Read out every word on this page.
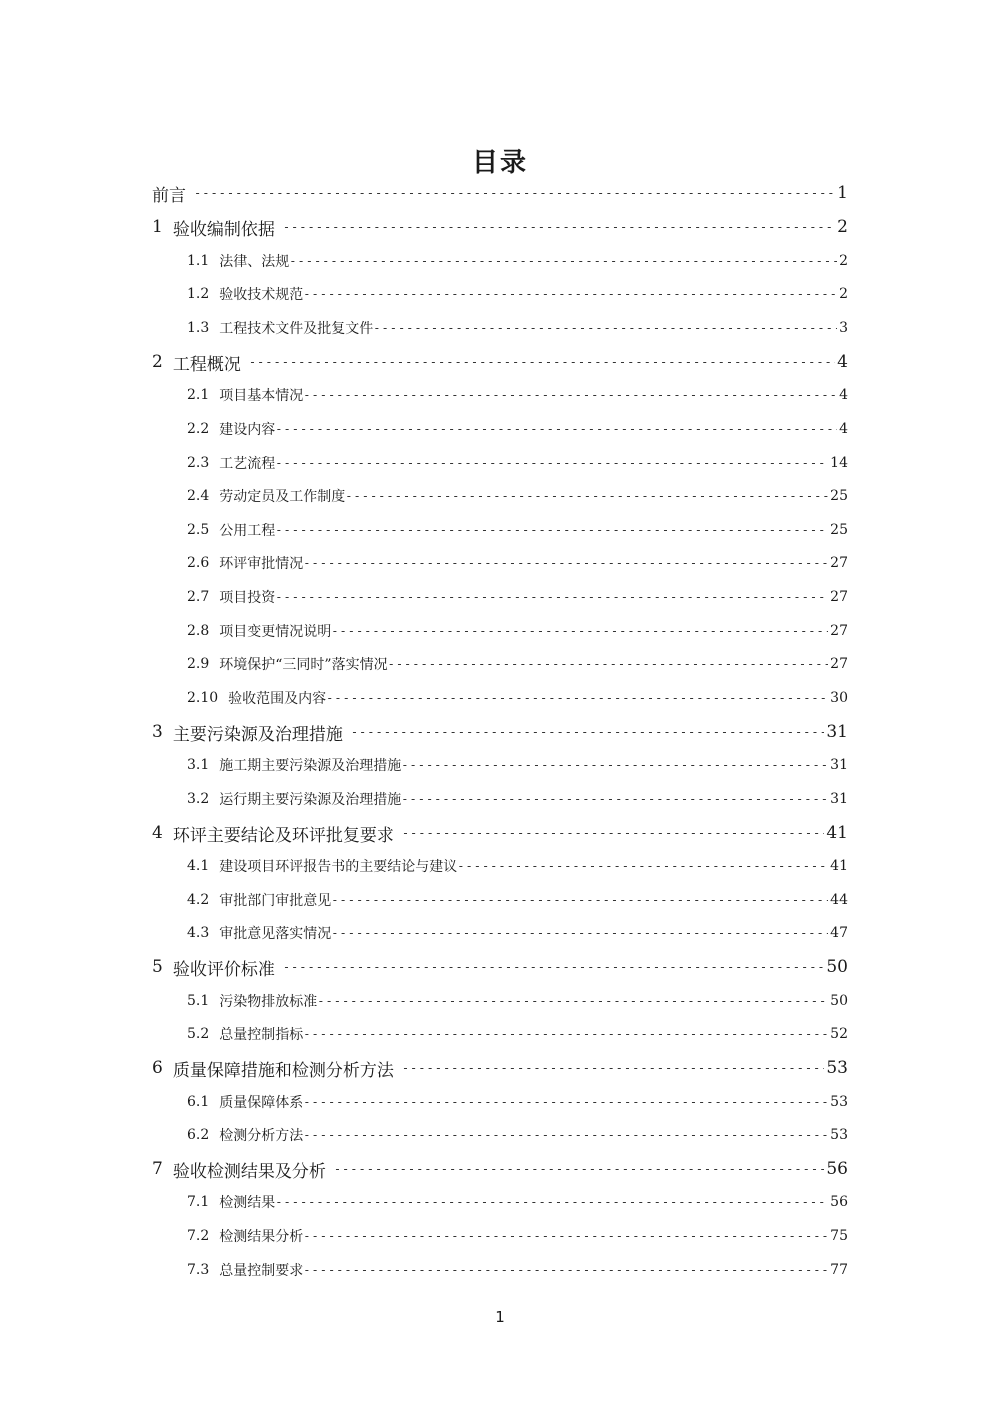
目录
前言 -----	1
1 验收编制依据 -----	2
1.1 法律、法规 -----	2
1.2 验收技术规范 -----	2
1.3 工程技术文件及批复文件 -----	3
2 工程概况 -----	4
2.1 项目基本情况 -----	4
2.2 建设内容 -----	4
2.3 工艺流程 -----	14
2.4 劳动定员及工作制度 -----	25
2.5 公用工程 -----	25
2.6 环评审批情况 -----	27
2.7 项目投资 -----	27
2.8 项目变更情况说明 -----	27
2.9 环境保护“三同时”落实情况 -----	27
2.10 验收范围及内容 -----	30
3 主要污染源及治理措施 -----	31
3.1 施工期主要污染源及治理措施 -----	31
3.2 运行期主要污染源及治理措施 -----	31
4 环评主要结论及环评批复要求 -----	41
4.1 建设项目环评报告书的主要结论与建议 -----	41
4.2 审批部门审批意见 -----	44
4.3 审批意见落实情况 -----	47
5 验收评价标准 -----	50
5.1 污染物排放标准 -----	50
5.2 总量控制指标 -----	52
6 质量保障措施和检测分析方法 -----	53
6.1 质量保障体系 -----	53
6.2 检测分析方法 -----	53
7 验收检测结果及分析 -----	56
7.1 检测结果 -----	56
7.2 检测结果分析 -----	75
7.3 总量控制要求 -----	77
1
